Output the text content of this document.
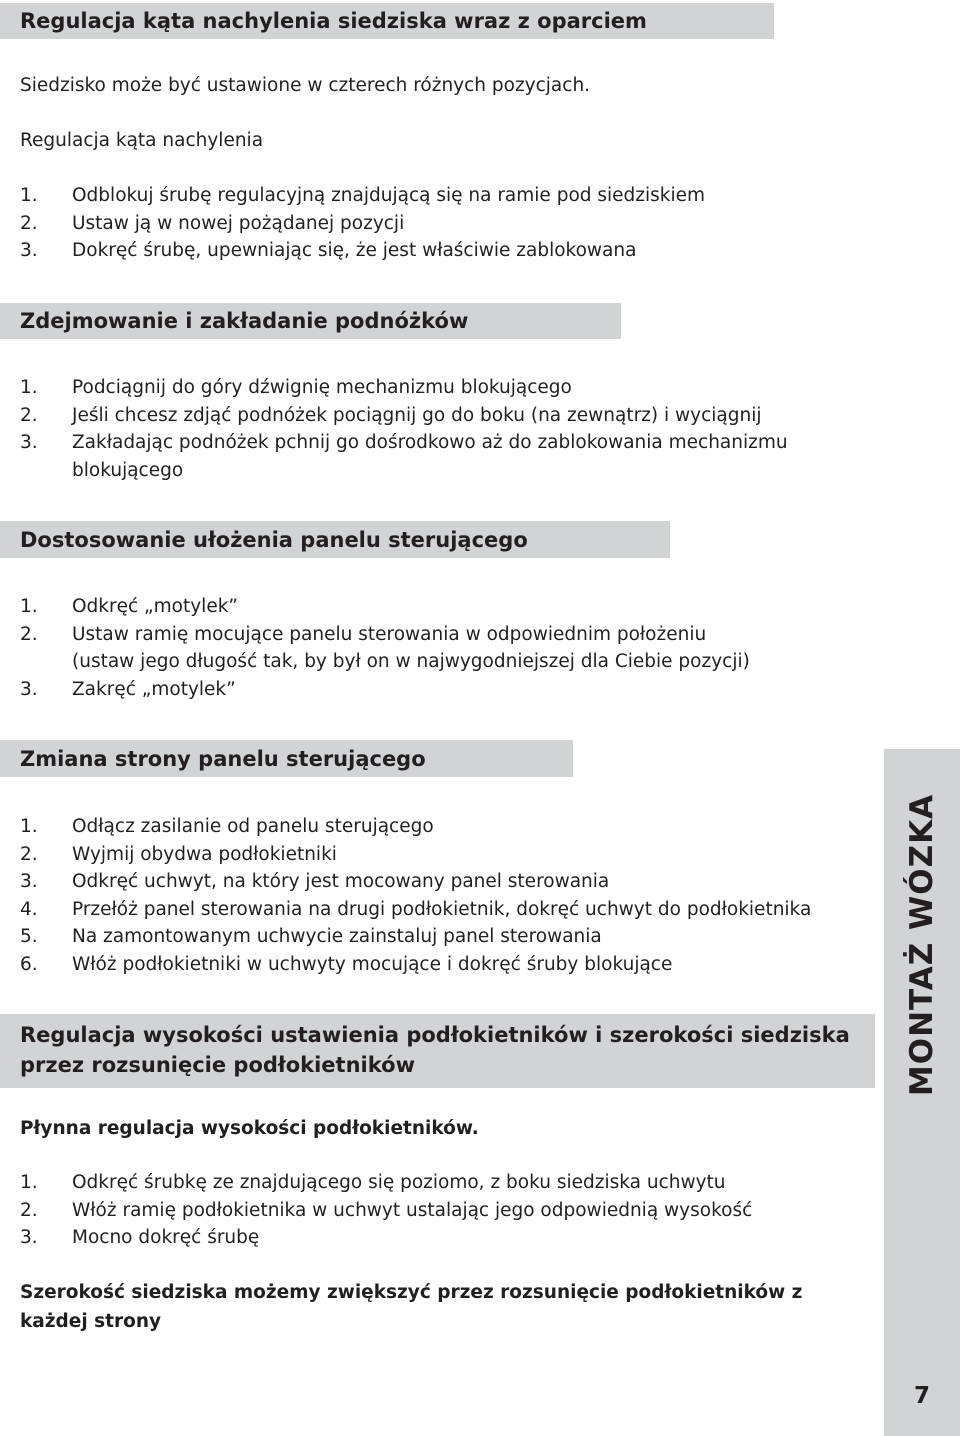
Regulacja kąta nachylenia siedziska wraz z oparciem

Siedzisko może być ustawione w czterech różnych pozycjach.

Regulacja kąta nachylenia

1. Odblokuj śrubę regulacyjną znajdującą się na ramie pod siedziskiem
2. Ustaw ją w nowej pożądanej pozycji
3. Dokręć śrubę, upewniając się, że jest właściwie zablokowana
Zdejmowanie i zakładanie podnóżków
1. Podciągnij do góry dźwignię mechanizmu blokującego
2. Jeśli chcesz zdjąć podnóżek pociągnij go do boku (na zewnątrz) i wyciągnij
3. Zakładając podnóżek pchnij go dośrodkowo aż do zablokowania mechanizmu blokującego
Dostosowanie ułożenia panelu sterującego
1. Odkręć „motylek”
2. Ustaw ramię mocujące panelu sterowania w odpowiednim położeniu (ustaw jego długość tak, by był on w najwygodniejszej dla Ciebie pozycji)
3. Zakręć „motylek”
Zmiana strony panelu sterującego
1. Odłącz zasilanie od panelu sterującego
2. Wyjmij obydwa podłokietniki
3. Odkręć uchwyt, na który jest mocowany panel sterowania
4. Przełóż panel sterowania na drugi podłokietnik, dokręć uchwyt do podłokietnika
5. Na zamontowanym uchwycie zainstaluj panel sterowania
6. Włóż podłokietniki w uchwyty mocujące i dokręć śruby blokujące
Regulacja wysokości ustawienia podłokietników i szerokości siedziska przez rozsunięcie podłokietników

Płynna regulacja wysokości podłokietników.

1. Odkręć śrubkę ze znajdującego się poziomo, z boku siedziska uchwytu
2. Włóż ramię podłokietnika w uchwyt ustalając jego odpowiednią wysokość
3. Mocno dokręć śrubę

Szerokość siedziska możemy zwiększyć przez rozsunięcie podłokietników z każdej strony

MONTAŻ WÓZKA
7
